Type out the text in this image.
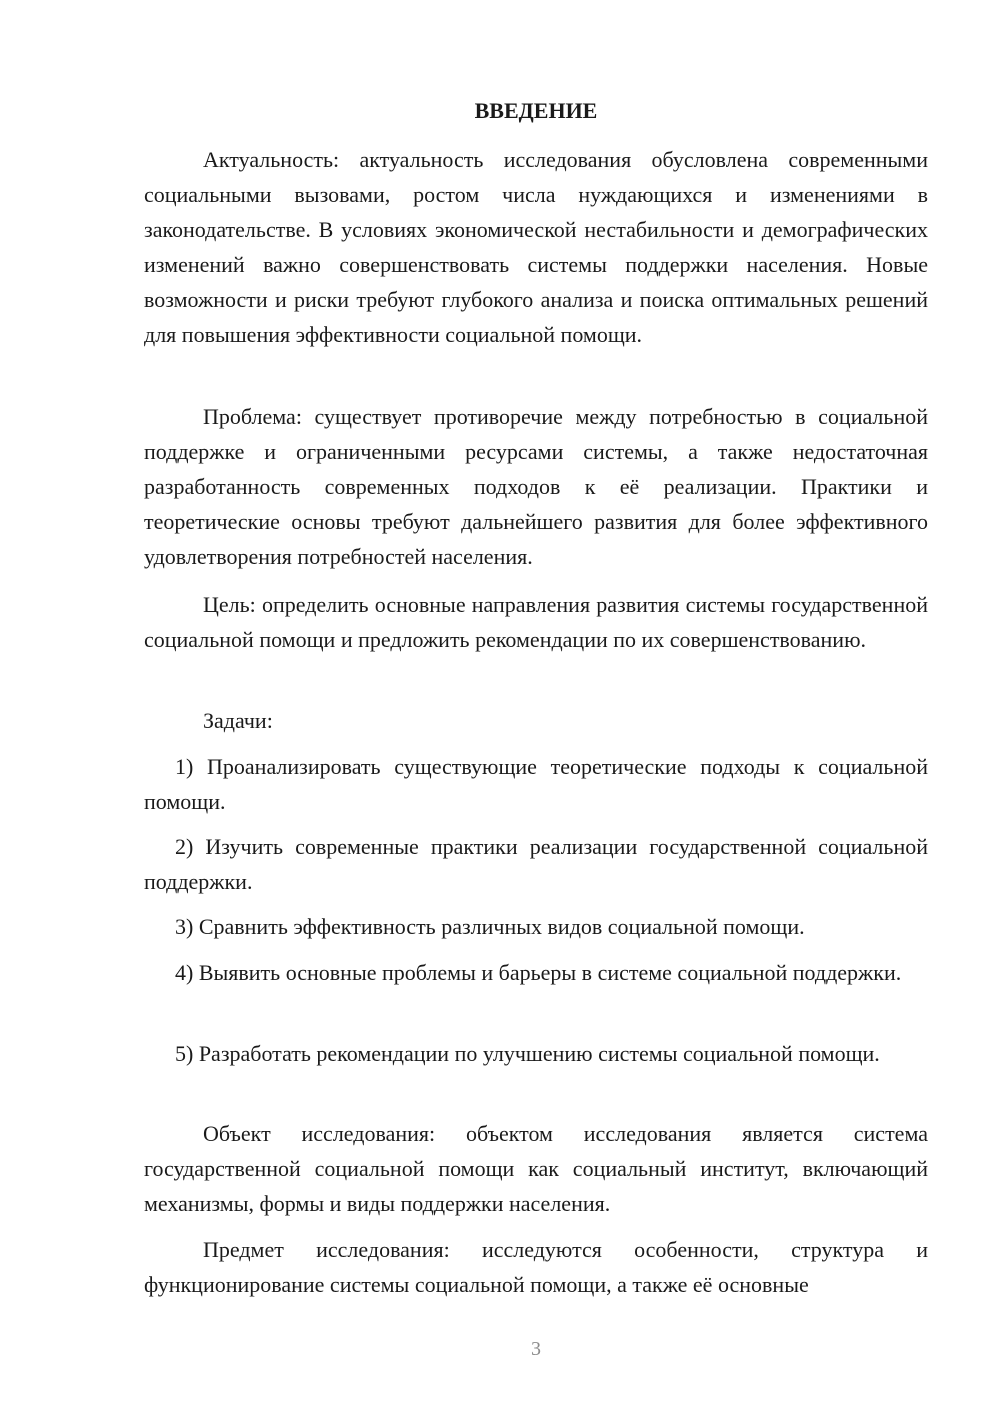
ВВЕДЕНИЕ

Актуальность: актуальность исследования обусловлена современными социальными вызовами, ростом числа нуждающихся и изменениями в законодательстве. В условиях экономической нестабильности и демографических изменений важно совершенствовать системы поддержки населения. Новые возможности и риски требуют глубокого анализа и поиска оптимальных решений для повышения эффективности социальной помощи.

Проблема: существует противоречие между потребностью в социальной поддержке и ограниченными ресурсами системы, а также недостаточная разработанность современных подходов к её реализации. Практики и теоретические основы требуют дальнейшего развития для более эффективного удовлетворения потребностей населения.

Цель: определить основные направления развития системы государственной социальной помощи и предложить рекомендации по их совершенствованию.

Задачи:

1) Проанализировать существующие теоретические подходы к социальной помощи.

2) Изучить современные практики реализации государственной социальной поддержки.

3) Сравнить эффективность различных видов социальной помощи.

4) Выявить основные проблемы и барьеры в системе социальной поддержки.

5) Разработать рекомендации по улучшению системы социальной помощи.

Объект исследования: объектом исследования является система государственной социальной помощи как социальный институт, включающий механизмы, формы и виды поддержки населения.

Предмет исследования: исследуются особенности, структура и функционирование системы социальной помощи, а также её основные

3
